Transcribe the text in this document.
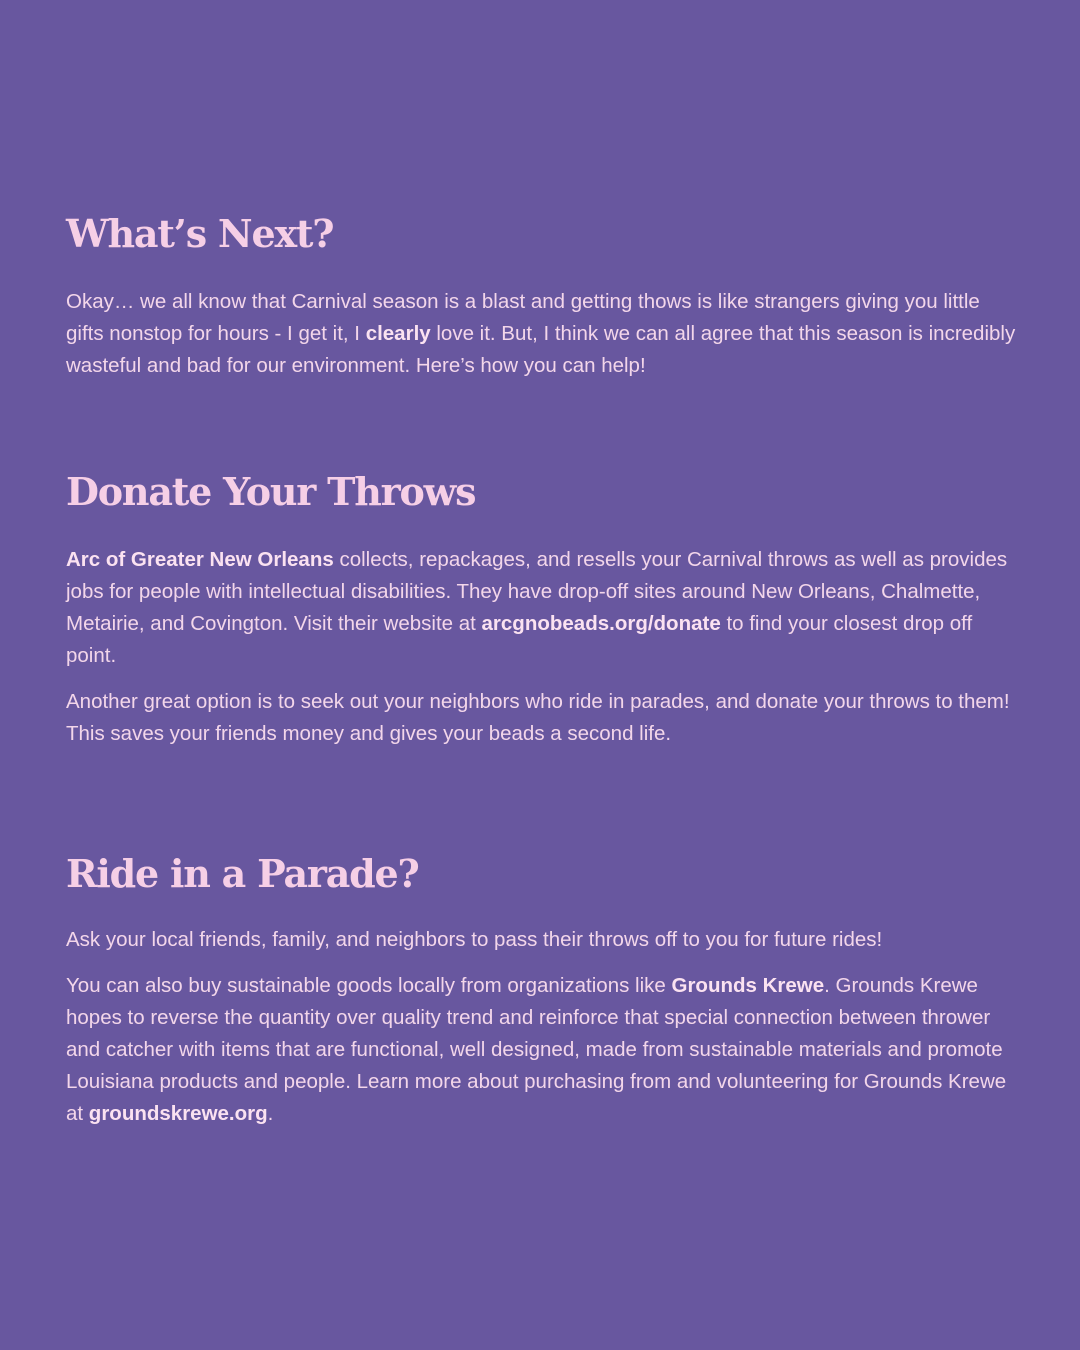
What’s Next?

Okay… we all know that Carnival season is a blast and getting thows is like strangers giving you little gifts nonstop for hours - I get it, I clearly love it. But, I think we can all agree that this season is incredibly wasteful and bad for our environment. Here’s how you can help!

Donate Your Throws

Arc of Greater New Orleans collects, repackages, and resells your Carnival throws as well as provides jobs for people with intellectual disabilities. They have drop-off sites around New Orleans, Chalmette, Metairie, and Covington. Visit their website at arcgnobeads.org/donate to find your closest drop off point.

Another great option is to seek out your neighbors who ride in parades, and donate your throws to them! This saves your friends money and gives your beads a second life.

Ride in a Parade?

Ask your local friends, family, and neighbors to pass their throws off to you for future rides!

You can also buy sustainable goods locally from organizations like Grounds Krewe. Grounds Krewe hopes to reverse the quantity over quality trend and reinforce that special connection between thrower and catcher with items that are functional, well designed, made from sustainable materials and promote Louisiana products and people. Learn more about purchasing from and volunteering for Grounds Krewe at groundskrewe.org.
